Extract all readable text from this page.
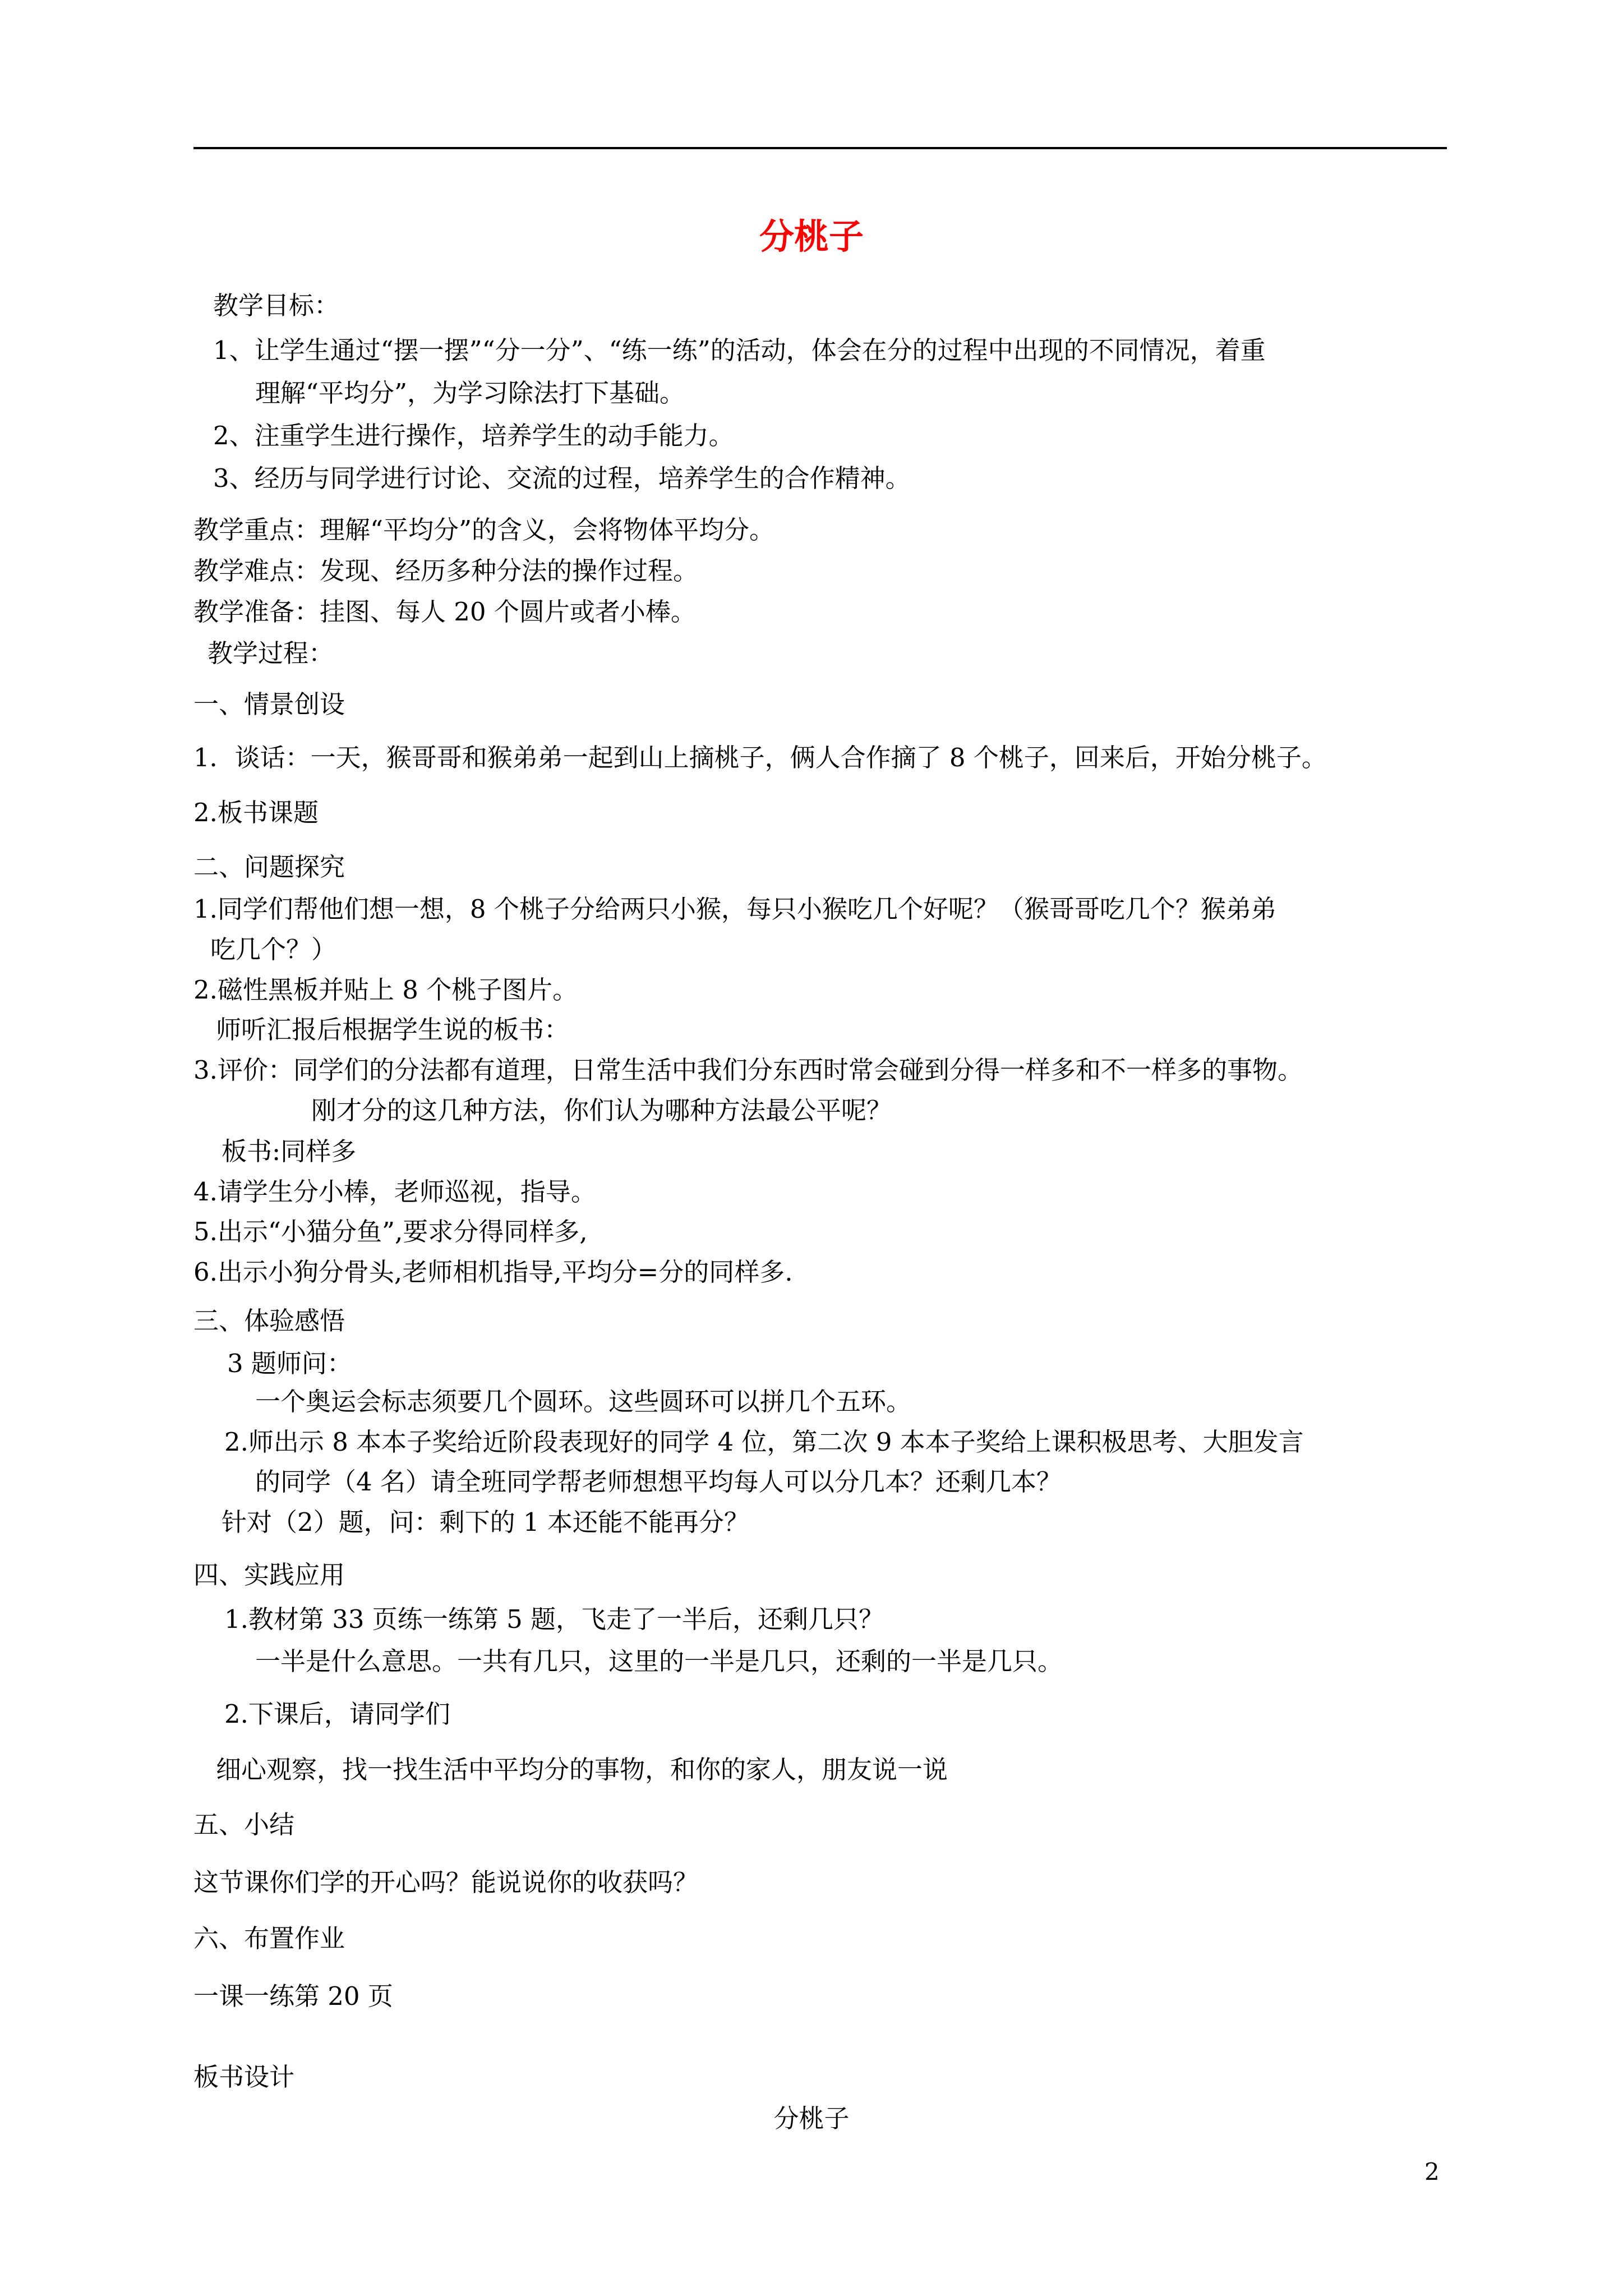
分桃子
教学目标：
1、让学生通过“摆一摆”“分一分”、“练一练”的活动，体会在分的过程中出现的不同情况，着重
理解“平均分”，为学习除法打下基础。
2、注重学生进行操作，培养学生的动手能力。
3、经历与同学进行讨论、交流的过程，培养学生的合作精神。
教学重点：理解“平均分”的含义，会将物体平均分。
教学难点：发现、经历多种分法的操作过程。
教学准备：挂图、每人 20 个圆片或者小棒。
教学过程：
一、情景创设
1．谈话：一天，猴哥哥和猴弟弟一起到山上摘桃子，俩人合作摘了 8 个桃子，回来后，开始分桃子。
2.板书课题
二、问题探究
1.同学们帮他们想一想，8 个桃子分给两只小猴，每只小猴吃几个好呢？（猴哥哥吃几个？猴弟弟
吃几个？）
2.磁性黑板并贴上 8 个桃子图片。
师听汇报后根据学生说的板书：
3.评价：同学们的分法都有道理，日常生活中我们分东西时常会碰到分得一样多和不一样多的事物。
刚才分的这几种方法，你们认为哪种方法最公平呢？
板书:同样多
4.请学生分小棒，老师巡视，指导。
5.出示“小猫分鱼”,要求分得同样多,
6.出示小狗分骨头,老师相机指导,平均分=分的同样多.
三、体验感悟
3 题师问：
一个奥运会标志须要几个圆环。这些圆环可以拼几个五环。
2.师出示 8 本本子奖给近阶段表现好的同学 4 位，第二次 9 本本子奖给上课积极思考、大胆发言
的同学（4 名）请全班同学帮老师想想平均每人可以分几本？还剩几本？
针对（2）题，问：剩下的 1 本还能不能再分？
四、实践应用
1.教材第 33 页练一练第 5 题，飞走了一半后，还剩几只？
一半是什么意思。一共有几只，这里的一半是几只，还剩的一半是几只。
2.下课后，请同学们
细心观察，找一找生活中平均分的事物，和你的家人，朋友说一说
五、小结
这节课你们学的开心吗？能说说你的收获吗？
六、布置作业
一课一练第 20 页
板书设计
分桃子
2
